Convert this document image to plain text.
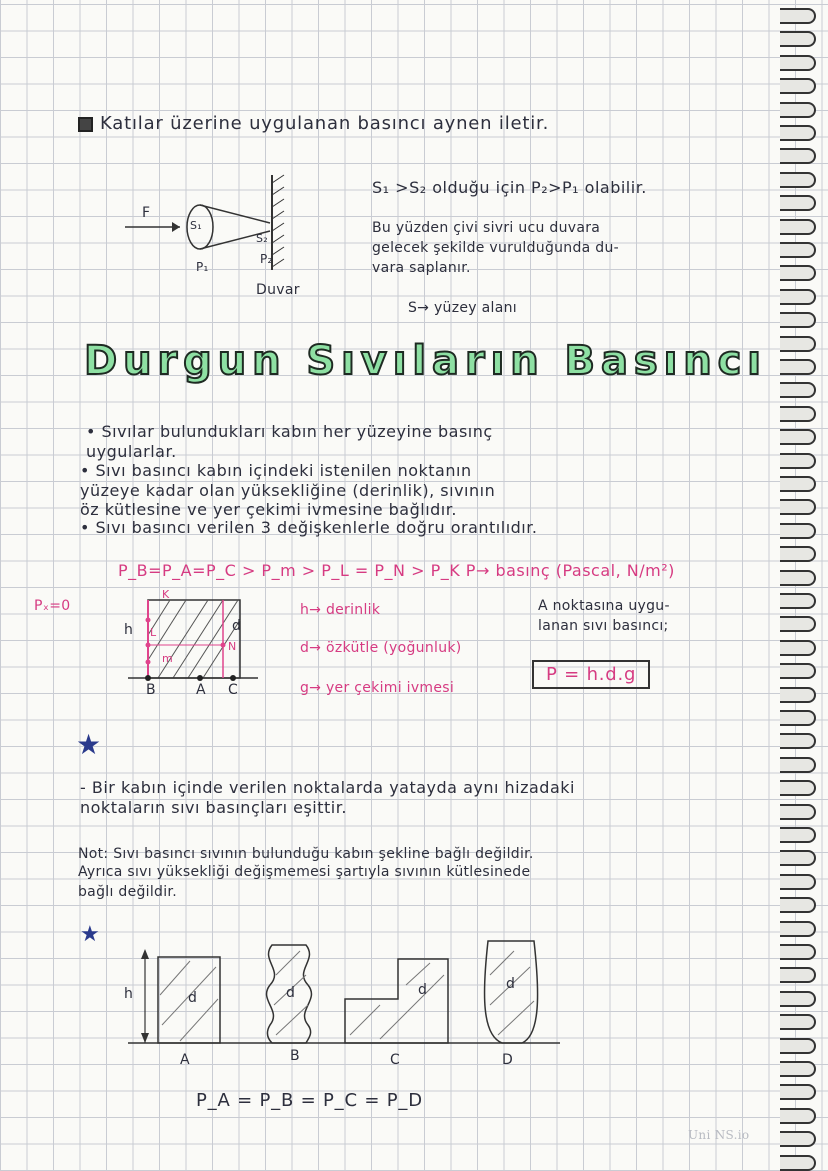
Katılar üzerine uygulanan basıncı aynen iletir.
F
S₁
S₂
P₁
P₂
Duvar
S₁ >S₂ olduğu için P₂>P₁ olabilir.
Bu yüzden çivi sivri ucu duvara
gelecek şekilde vurulduğunda du-
vara saplanır.
S→ yüzey alanı
Durgun Sıvıların Basıncı
• Sıvılar bulundukları kabın her yüzeyine basınç
uygularlar.
• Sıvı basıncı kabın içindeki istenilen noktanın
yüzeye kadar olan yüksekliğine (derinlik), sıvının
öz kütlesine ve yer çekimi ivmesine bağlıdır.
• Sıvı basıncı verilen 3 değişkenlerle doğru orantılıdır.
P_B=P_A=P_C > P_m > P_L = P_N > P_K P→ basınç (Pascal, N/m²)
Pₓ=0
h	d
K
L
m
N
B	A C
h→ derinlik
d→ özkütle (yoğunluk)
g→ yer çekimi ivmesi
A noktasına uygu-
lanan sıvı basıncı;
P = h.d.g
★
★
- Bir kabın içinde verilen noktalarda yatayda aynı hizadaki
noktaların sıvı basınçları eşittir.
Not: Sıvı basıncı sıvının bulunduğu kabın şekline bağlı değildir.
Ayrıca sıvı yüksekliği değişmemesi şartıyla sıvının kütlesinede
bağlı değildir.
h	d	d	d	d
A	B	C	D
P_A = P_B = P_C = P_D
Uni NS.io
